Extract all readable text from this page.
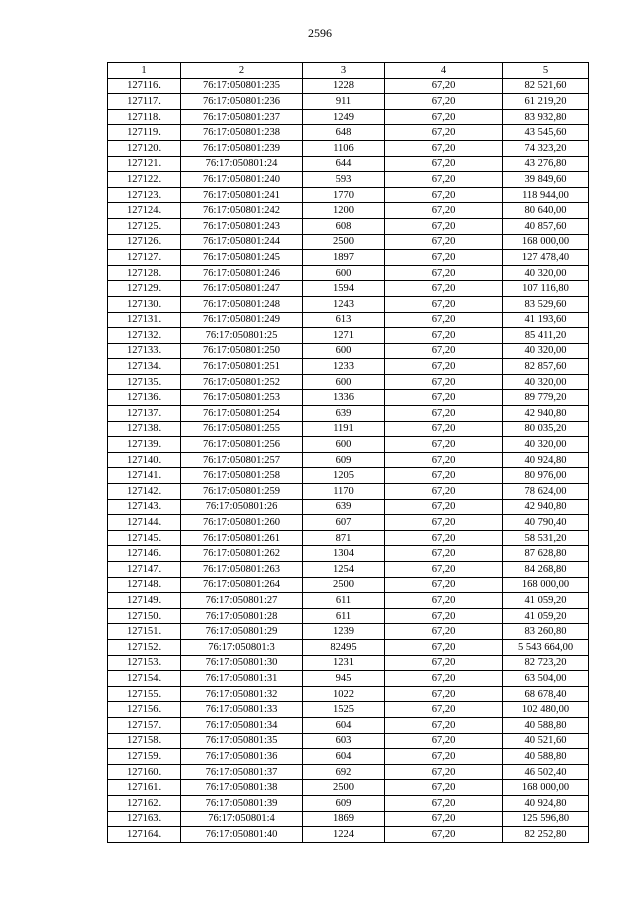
2596
1	2	3	4	5
127116.	76:17:050801:235	1228	67,20	82 521,60
127117.	76:17:050801:236	911	67,20	61 219,20
127118.	76:17:050801:237	1249	67,20	83 932,80
127119.	76:17:050801:238	648	67,20	43 545,60
127120.	76:17:050801:239	1106	67,20	74 323,20
127121.	76:17:050801:24	644	67,20	43 276,80
127122.	76:17:050801:240	593	67,20	39 849,60
127123.	76:17:050801:241	1770	67,20	118 944,00
127124.	76:17:050801:242	1200	67,20	80 640,00
127125.	76:17:050801:243	608	67,20	40 857,60
127126.	76:17:050801:244	2500	67,20	168 000,00
127127.	76:17:050801:245	1897	67,20	127 478,40
127128.	76:17:050801:246	600	67,20	40 320,00
127129.	76:17:050801:247	1594	67,20	107 116,80
127130.	76:17:050801:248	1243	67,20	83 529,60
127131.	76:17:050801:249	613	67,20	41 193,60
127132.	76:17:050801:25	1271	67,20	85 411,20
127133.	76:17:050801:250	600	67,20	40 320,00
127134.	76:17:050801:251	1233	67,20	82 857,60
127135.	76:17:050801:252	600	67,20	40 320,00
127136.	76:17:050801:253	1336	67,20	89 779,20
127137.	76:17:050801:254	639	67,20	42 940,80
127138.	76:17:050801:255	1191	67,20	80 035,20
127139.	76:17:050801:256	600	67,20	40 320,00
127140.	76:17:050801:257	609	67,20	40 924,80
127141.	76:17:050801:258	1205	67,20	80 976,00
127142.	76:17:050801:259	1170	67,20	78 624,00
127143.	76:17:050801:26	639	67,20	42 940,80
127144.	76:17:050801:260	607	67,20	40 790,40
127145.	76:17:050801:261	871	67,20	58 531,20
127146.	76:17:050801:262	1304	67,20	87 628,80
127147.	76:17:050801:263	1254	67,20	84 268,80
127148.	76:17:050801:264	2500	67,20	168 000,00
127149.	76:17:050801:27	611	67,20	41 059,20
127150.	76:17:050801:28	611	67,20	41 059,20
127151.	76:17:050801:29	1239	67,20	83 260,80
127152.	76:17:050801:3	82495	67,20	5 543 664,00
127153.	76:17:050801:30	1231	67,20	82 723,20
127154.	76:17:050801:31	945	67,20	63 504,00
127155.	76:17:050801:32	1022	67,20	68 678,40
127156.	76:17:050801:33	1525	67,20	102 480,00
127157.	76:17:050801:34	604	67,20	40 588,80
127158.	76:17:050801:35	603	67,20	40 521,60
127159.	76:17:050801:36	604	67,20	40 588,80
127160.	76:17:050801:37	692	67,20	46 502,40
127161.	76:17:050801:38	2500	67,20	168 000,00
127162.	76:17:050801:39	609	67,20	40 924,80
127163.	76:17:050801:4	1869	67,20	125 596,80
127164.	76:17:050801:40	1224	67,20	82 252,80
